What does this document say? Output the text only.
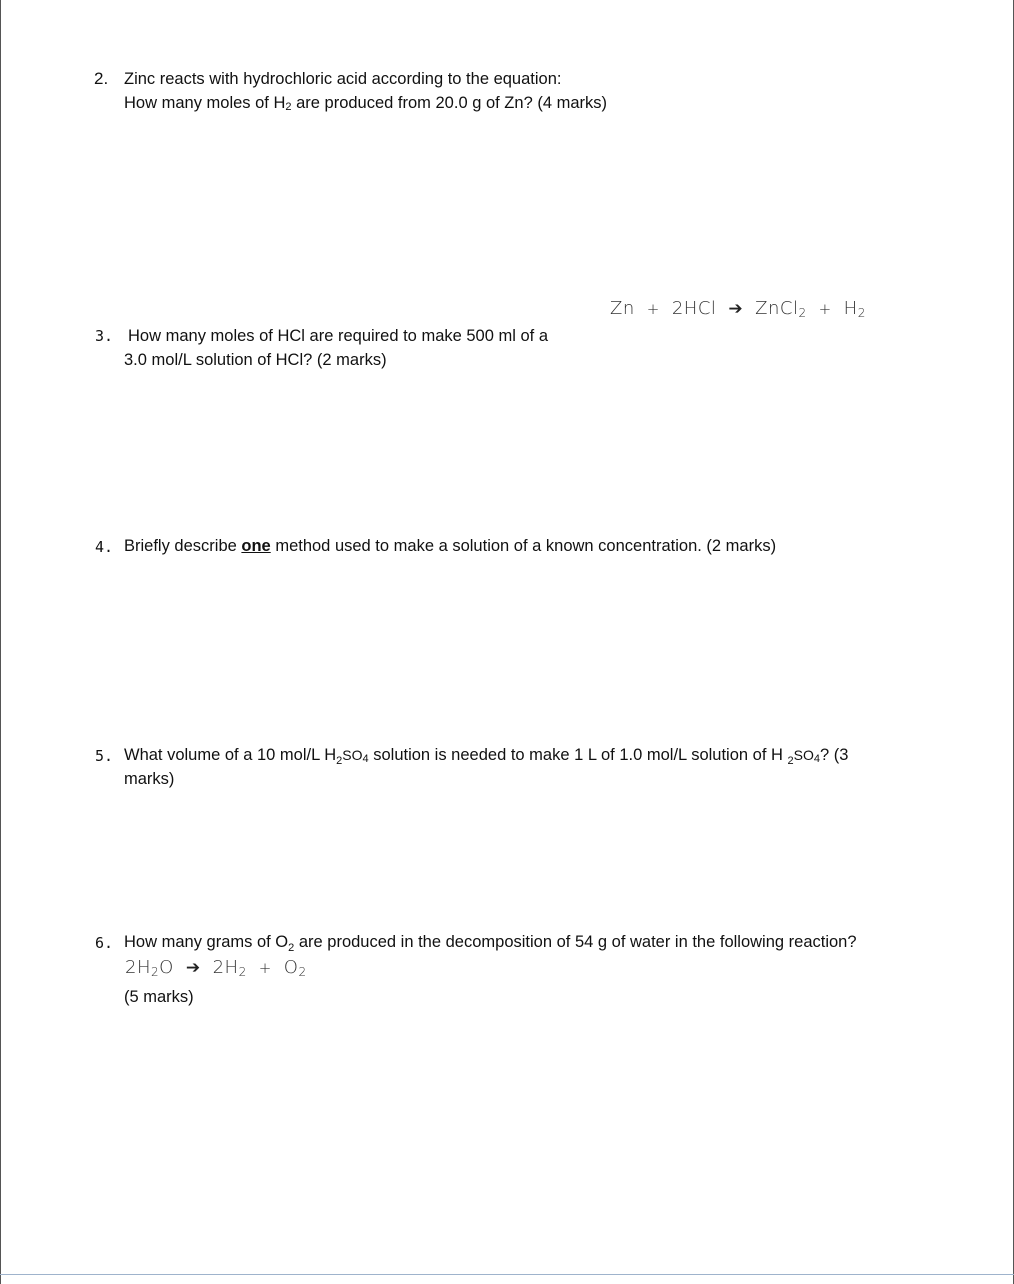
2. Zinc reacts with hydrochloric acid according to the equation:
How many moles of $H_2$ are produced from 20.0 g of Zn? (4 marks)
Zn + 2HCl ➔ ZnCl$_2$ + $H_2$
3. How many moles of HCl are required to make 500 ml of a
3.0 mol/L solution of HCl? (2 marks)
4. Briefly describe one method used to make a solution of a known concentration. (2 marks)
5. What volume of a 10 mol/L $H_2SO_4$ solution is needed to make 1 L of 1.0 mol/L solution of H $_2SO_4$? (3
marks)
6. How many grams of $O_2$ are produced in the decomposition of 54 g of water in the following reaction?
$2H_2O$ ➔ $2H_2 + O_2$
(5 marks)
